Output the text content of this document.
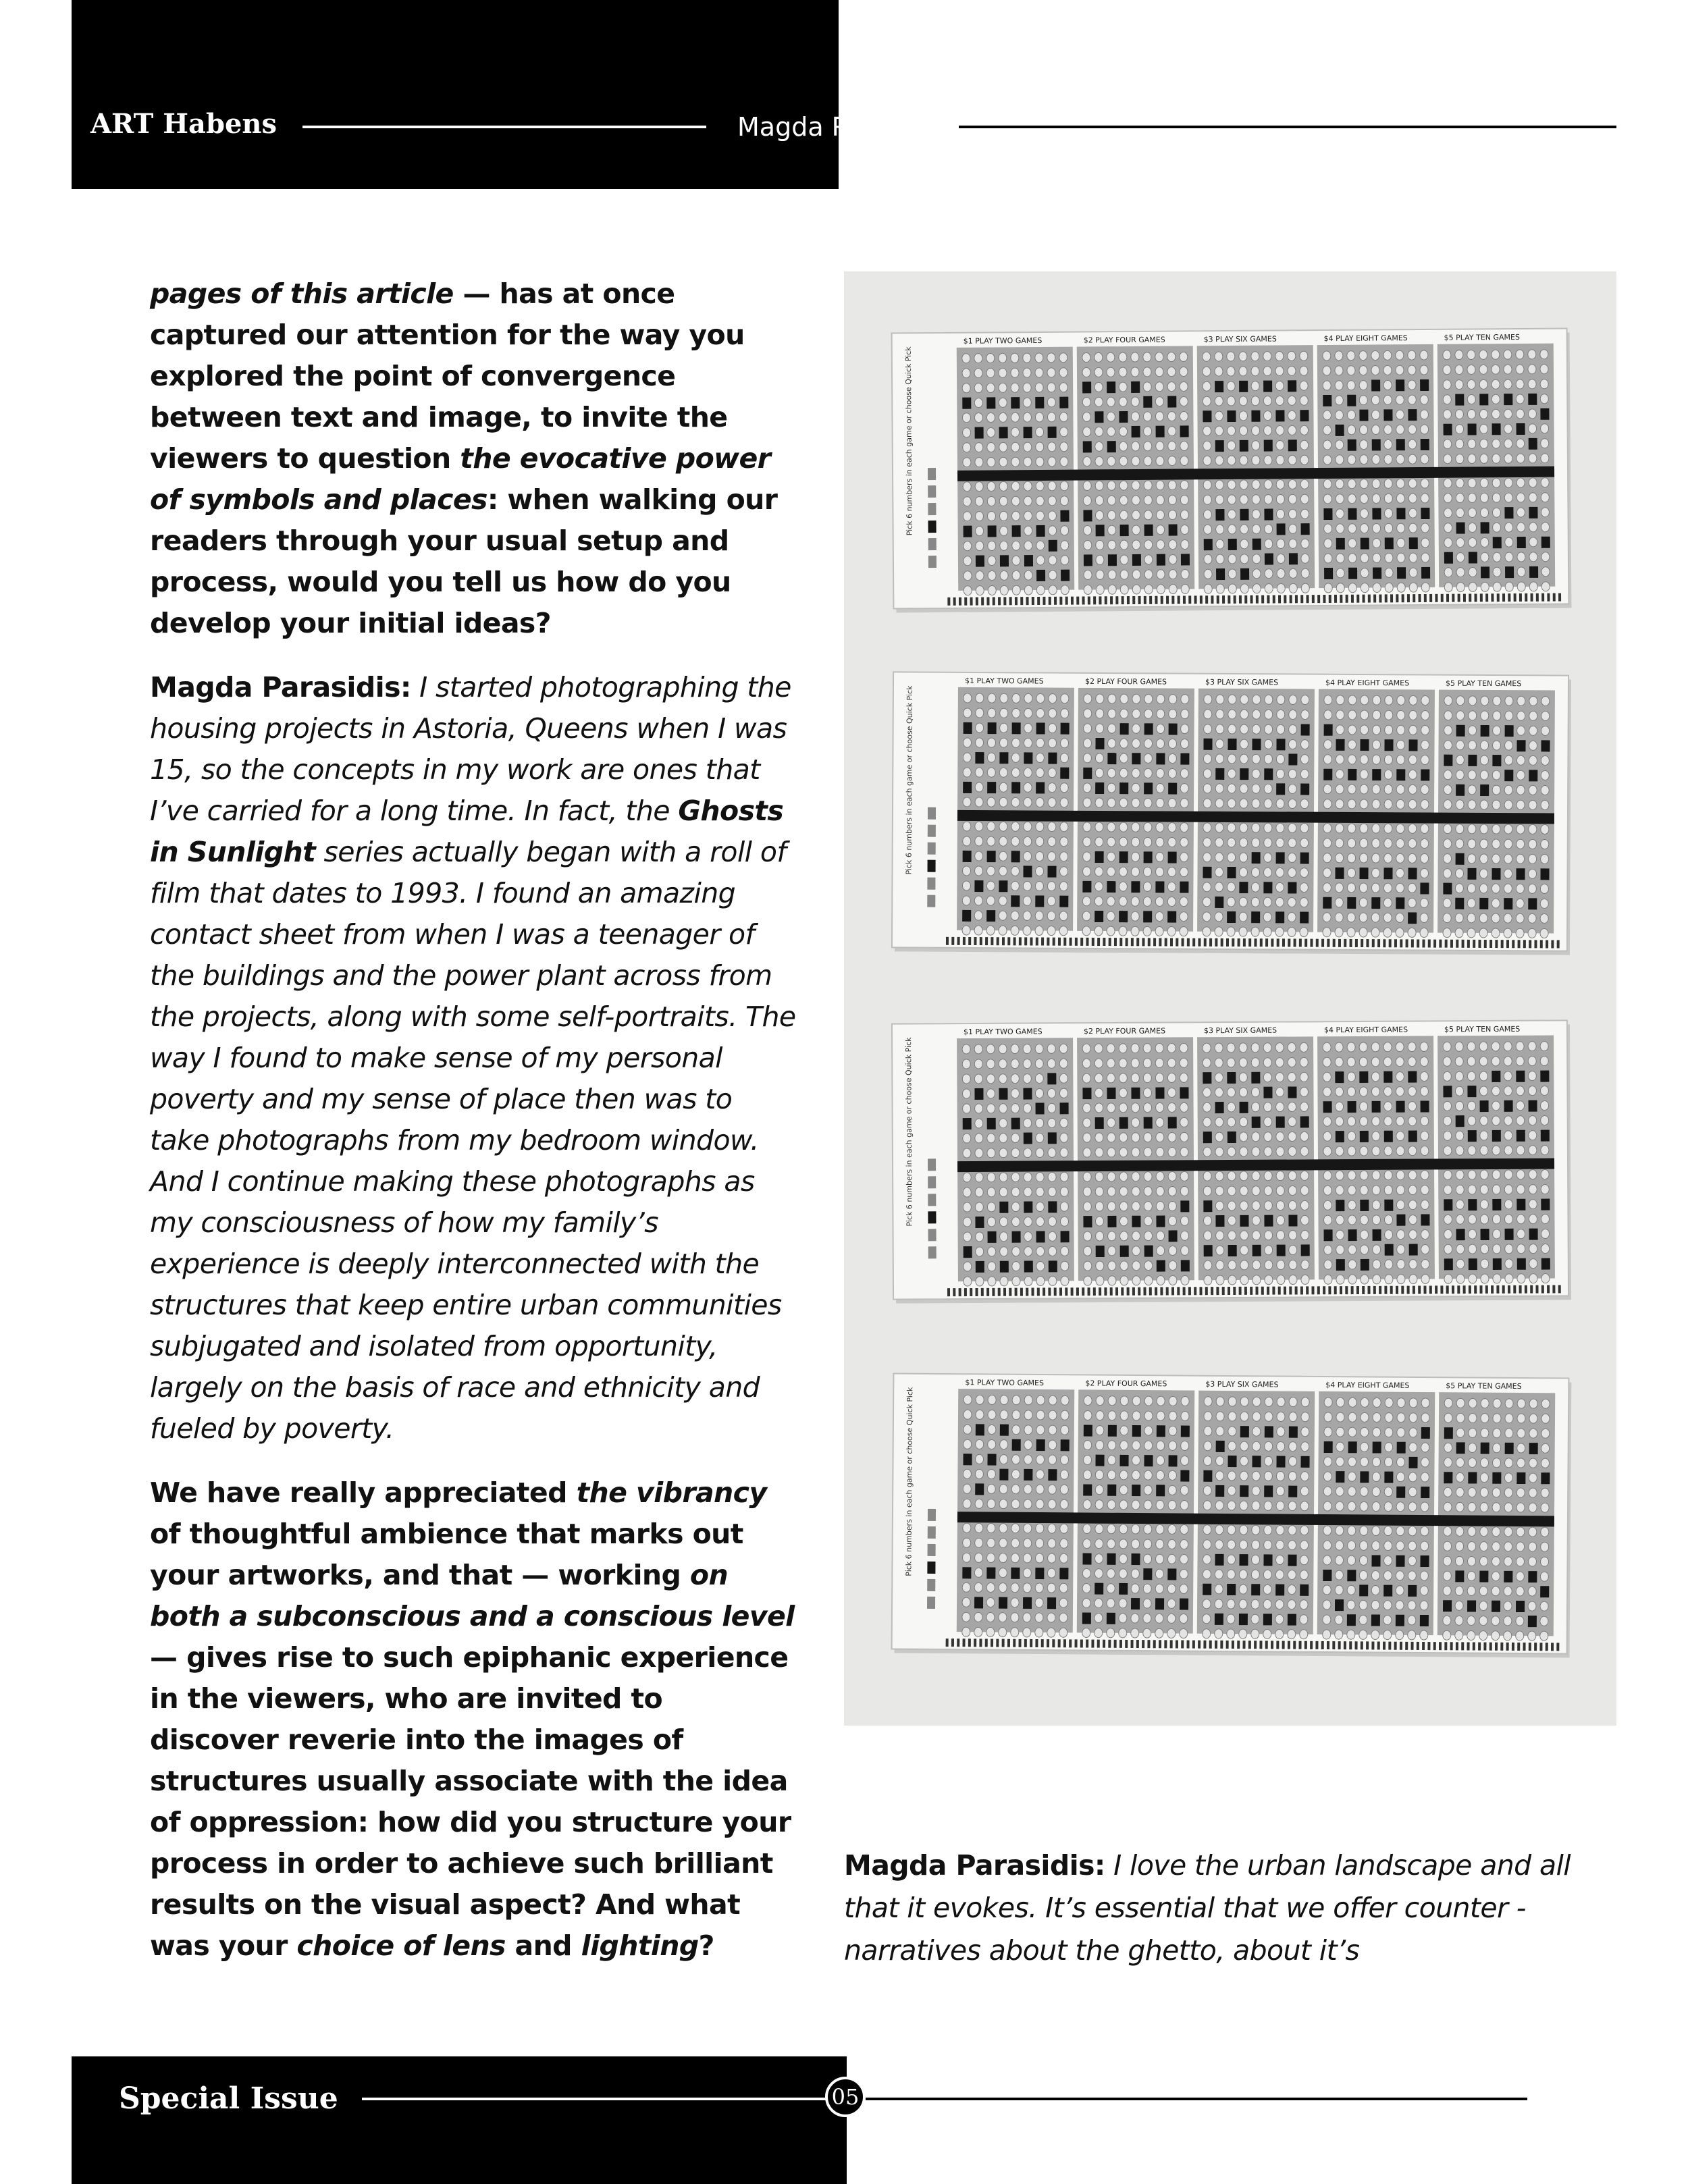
ART Habens	Magda Parasidis

pages of this article — has at once captured our attention for the way you explored the point of convergence between text and image, to invite the viewers to question the evocative power of symbols and places: when walking our readers through your usual setup and process, would you tell us how do you develop your initial ideas?

Magda Parasidis: I started photographing the housing projects in Astoria, Queens when I was 15, so the concepts in my work are ones that I’ve carried for a long time. In fact, the Ghosts in Sunlight series actually began with a roll of film that dates to 1993. I found an amazing contact sheet from when I was a teenager of the buildings and the power plant across from the projects, along with some self-portraits. The way I found to make sense of my personal poverty and my sense of place then was to take photographs from my bedroom window. And I continue making these photographs as my consciousness of how my family’s experience is deeply interconnected with the structures that keep entire urban communities subjugated and isolated from opportunity, largely on the basis of race and ethnicity and fueled by poverty.

We have really appreciated the vibrancy of thoughtful ambience that marks out your artworks, and that — working on both a subconscious and a conscious level — gives rise to such epiphanic experience in the viewers, who are invited to discover reverie into the images of structures usually associate with the idea of oppression: how did you structure your process in order to achieve such brilliant results on the visual aspect? And what was your choice of lens and lighting?

Pick 6 numbers in each game or choose Quick Pick
$1 PLAY TWO GAMES	$2 PLAY FOUR GAMES	$3 PLAY SIX GAMES	$4 PLAY EIGHT GAMES	$5 PLAY TEN GAMES
Pick 6 numbers in each game or choose Quick Pick
$1 PLAY TWO GAMES	$2 PLAY FOUR GAMES	$3 PLAY SIX GAMES	$4 PLAY EIGHT GAMES	$5 PLAY TEN GAMES
Pick 6 numbers in each game or choose Quick Pick
$1 PLAY TWO GAMES	$2 PLAY FOUR GAMES	$3 PLAY SIX GAMES	$4 PLAY EIGHT GAMES	$5 PLAY TEN GAMES
Pick 6 numbers in each game or choose Quick Pick
$1 PLAY TWO GAMES	$2 PLAY FOUR GAMES	$3 PLAY SIX GAMES	$4 PLAY EIGHT GAMES	$5 PLAY TEN GAMES

Magda Parasidis: I love the urban landscape and all that it evokes. It’s essential that we offer counter -narratives about the ghetto, about it’s

Special Issue	05
